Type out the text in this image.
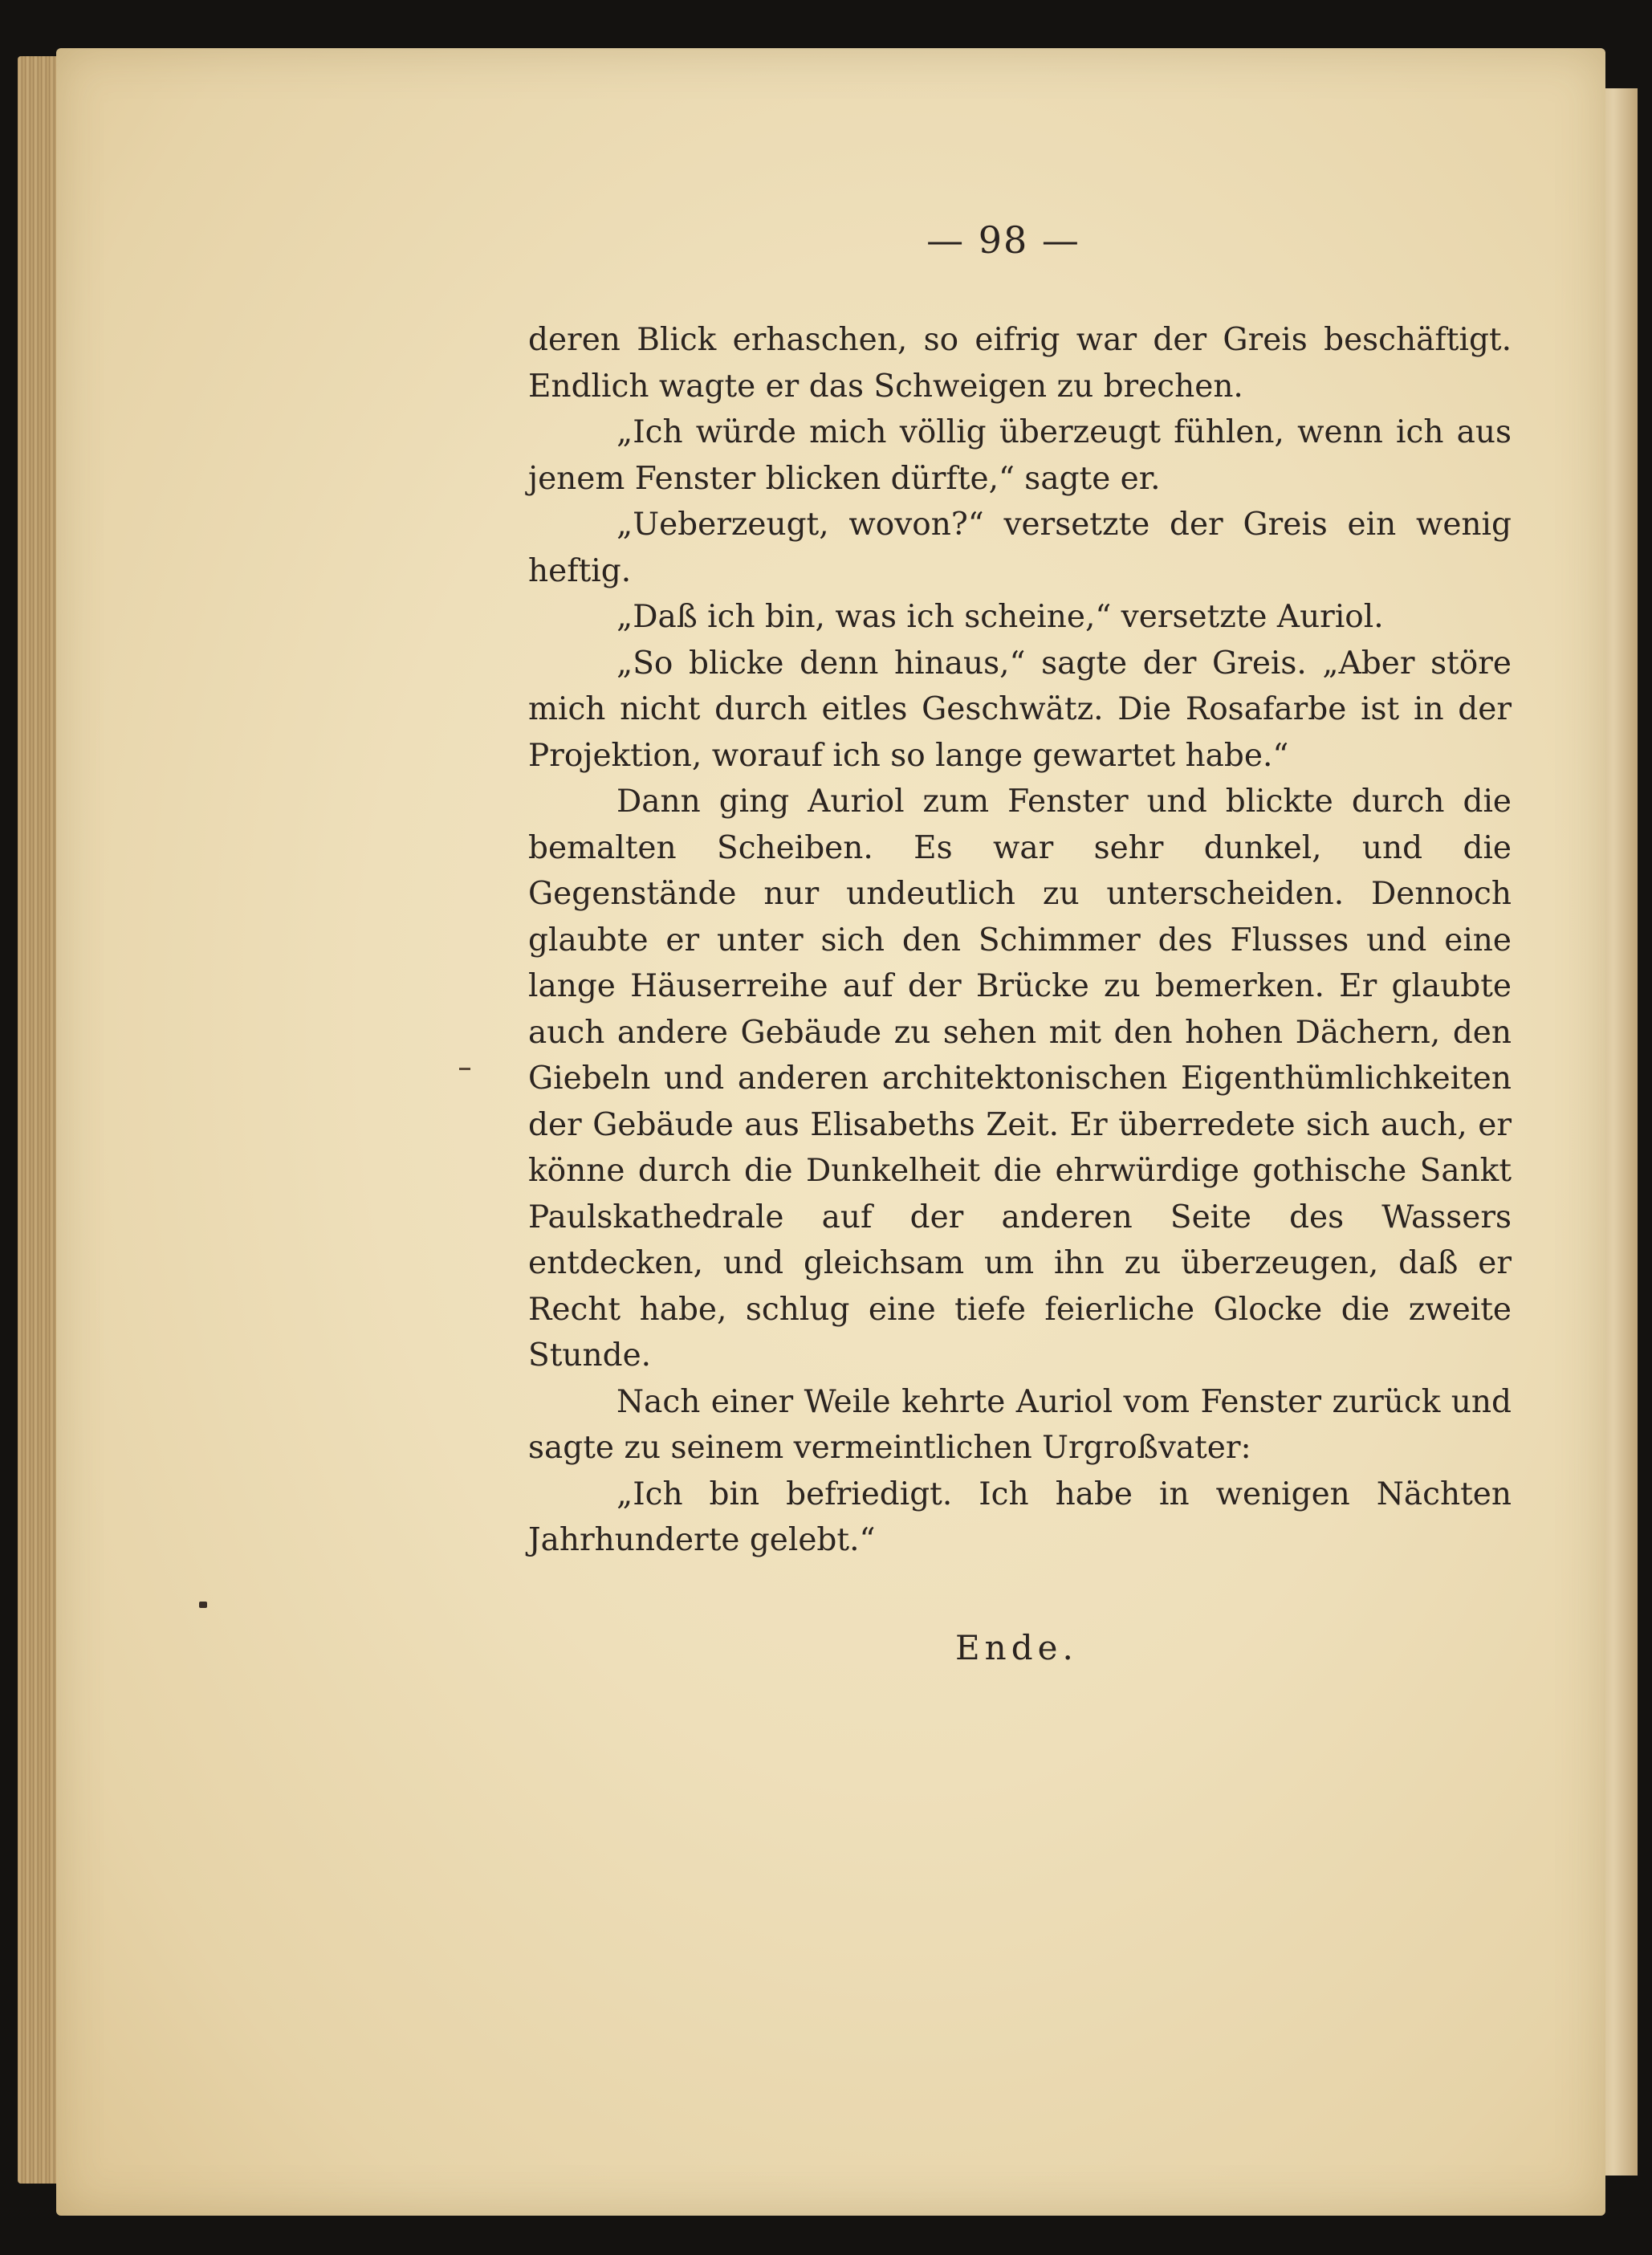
— 98 —

deren Blick erhaschen, so eifrig war der Greis beschäftigt. Endlich wagte er das Schweigen zu brechen.

„Ich würde mich völlig überzeugt fühlen, wenn ich aus jenem Fenster blicken dürfte,“ sagte er.

„Ueberzeugt, wovon?“ versetzte der Greis ein wenig heftig.

„Daß ich bin, was ich scheine,“ versetzte Auriol.

„So blicke denn hinaus,“ sagte der Greis. „Aber störe mich nicht durch eitles Geschwätz. Die Rosafarbe ist in der Projektion, worauf ich so lange gewartet habe.“

Dann ging Auriol zum Fenster und blickte durch die bemalten Scheiben. Es war sehr dunkel, und die Gegenstände nur undeutlich zu unterscheiden. Dennoch glaubte er unter sich den Schimmer des Flusses und eine lange Häuserreihe auf der Brücke zu bemerken. Er glaubte auch andere Gebäude zu sehen mit den hohen Dächern, den Giebeln und anderen architektonischen Eigenthümlichkeiten der Gebäude aus Elisabeths Zeit. Er überredete sich auch, er könne durch die Dunkelheit die ehrwürdige gothische Sankt Paulskathedrale auf der anderen Seite des Wassers entdecken, und gleichsam um ihn zu überzeugen, daß er Recht habe, schlug eine tiefe feierliche Glocke die zweite Stunde.

Nach einer Weile kehrte Auriol vom Fenster zurück und sagte zu seinem vermeintlichen Urgroßvater:

„Ich bin befriedigt. Ich habe in wenigen Nächten Jahrhunderte gelebt.“

Ende.
